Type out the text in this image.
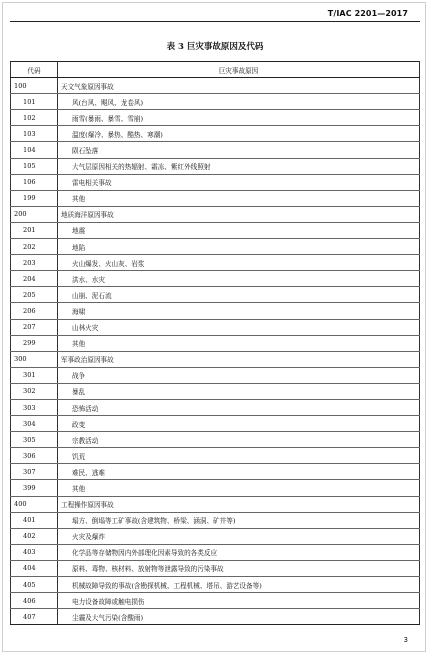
T/IAC 2201—2017
表 3 巨灾事故原因及代码
代码	巨灾事故原因
100	天文气象原因事故
101	风(台风、飓风、龙卷风)
102	雨雪(暴雨、暴雪、雪崩)
103	温度(爆冷、暴热、酷热、寒潮)
104	陨石坠落
105	大气层原因相关的热辐射、霜冻、紫红外线照射
106	雷电相关事故
199	其他
200	地质海洋原因事故
201	地震
202	地陷
203	火山爆发、火山灰、岩浆
204	洪水、水灾
205	山崩、泥石流
206	海啸
207	山林火灾
299	其他
300	军事政治原因事故
301	战争
302	暴乱
303	恐怖活动
304	政变
305	宗教活动
306	饥荒
307	难民、逃难
399	其他
400	工程操作原因事故
401	塌方、倒塌等工矿事故(含建筑物、桥梁、涵洞、矿井等)
402	火灾及爆炸
403	化学品等存储物因内外部理化因素导致的各类反应
404	原料、毒物、核材料、放射物等泄露导致的污染事故
405	机械故障导致的事故(含勘探机械、工程机械、塔吊、游艺设备等)
406	电力设备故障或触电损伤
407	尘霾及大气污染(含酸雨)
3
